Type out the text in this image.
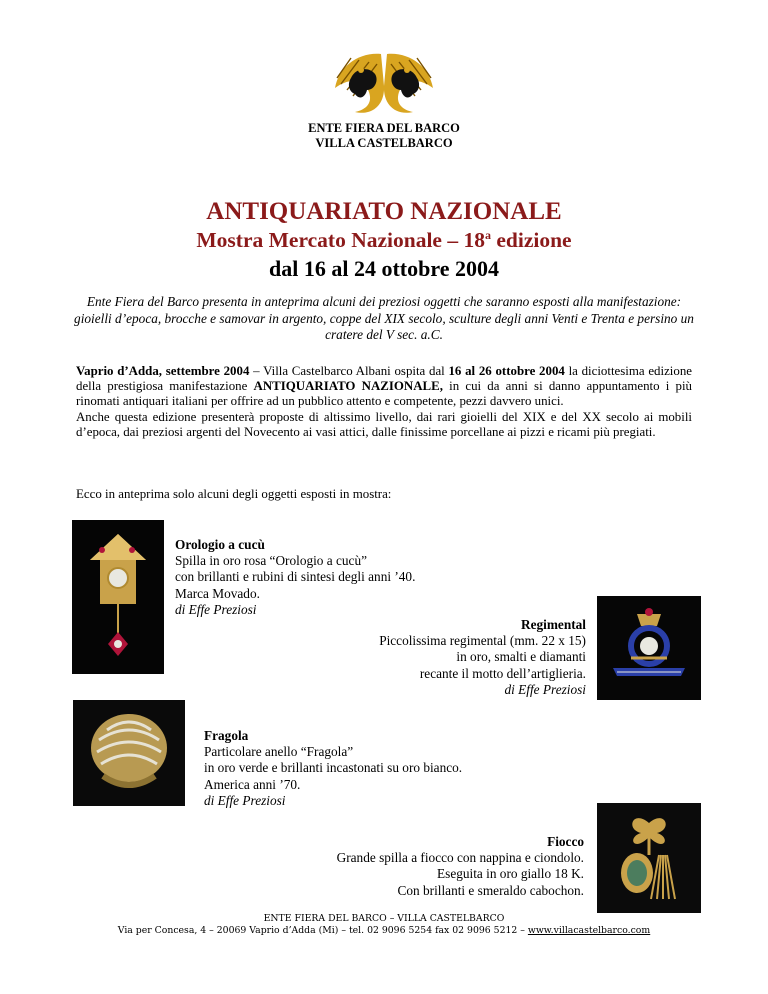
ENTE FIERA DEL BARCO
VILLA CASTELBARCO
ANTIQUARIATO NAZIONALE
Mostra Mercato Nazionale – 18$^a$ edizione
dal 16 al 24 ottobre 2004
Ente Fiera del Barco presenta in anteprima alcuni dei preziosi oggetti che saranno esposti alla manifestazione: gioielli d’epoca, brocche e samovar in argento, coppe del XIX secolo, sculture degli anni Venti e Trenta e persino un cratere del V sec. a.C.
Vaprio d’Adda, settembre 2004 – Villa Castelbarco Albani ospita dal 16 al 26 ottobre 2004 la diciottesima edizione della prestigiosa manifestazione ANTIQUARIATO NAZIONALE, in cui da anni si danno appuntamento i più rinomati antiquari italiani per offrire ad un pubblico attento e competente, pezzi davvero unici.
Anche questa edizione presenterà proposte di altissimo livello, dai rari gioielli del XIX e del XX secolo ai mobili d’epoca, dai preziosi argenti del Novecento ai vasi attici, dalle finissime porcellane ai pizzi e ricami più pregiati.
Ecco in anteprima solo alcuni degli oggetti esposti in mostra:
Orologio a cucù
Spilla in oro rosa “Orologio a cucù”
con brillanti e rubini di sintesi degli anni ’40.
Marca Movado.
di Effe Preziosi
Regimental
Piccolissima regimental (mm. 22 x 15)
in oro, smalti e diamanti
recante il motto dell’artiglieria.
di Effe Preziosi
Fragola
Particolare anello “Fragola”
in oro verde e brillanti incastonati su oro bianco.
America anni ’70.
di Effe Preziosi
Fiocco
Grande spilla a fiocco con nappina e ciondolo.
Eseguita in oro giallo 18 K.
Con brillanti e smeraldo cabochon.
ENTE FIERA DEL BARCO – VILLA CASTELBARCO
Via per Concesa, 4 – 20069 Vaprio d’Adda (Mi) – tel. 02 9096 5254 fax 02 9096 5212 – www.villacastelbarco.com
